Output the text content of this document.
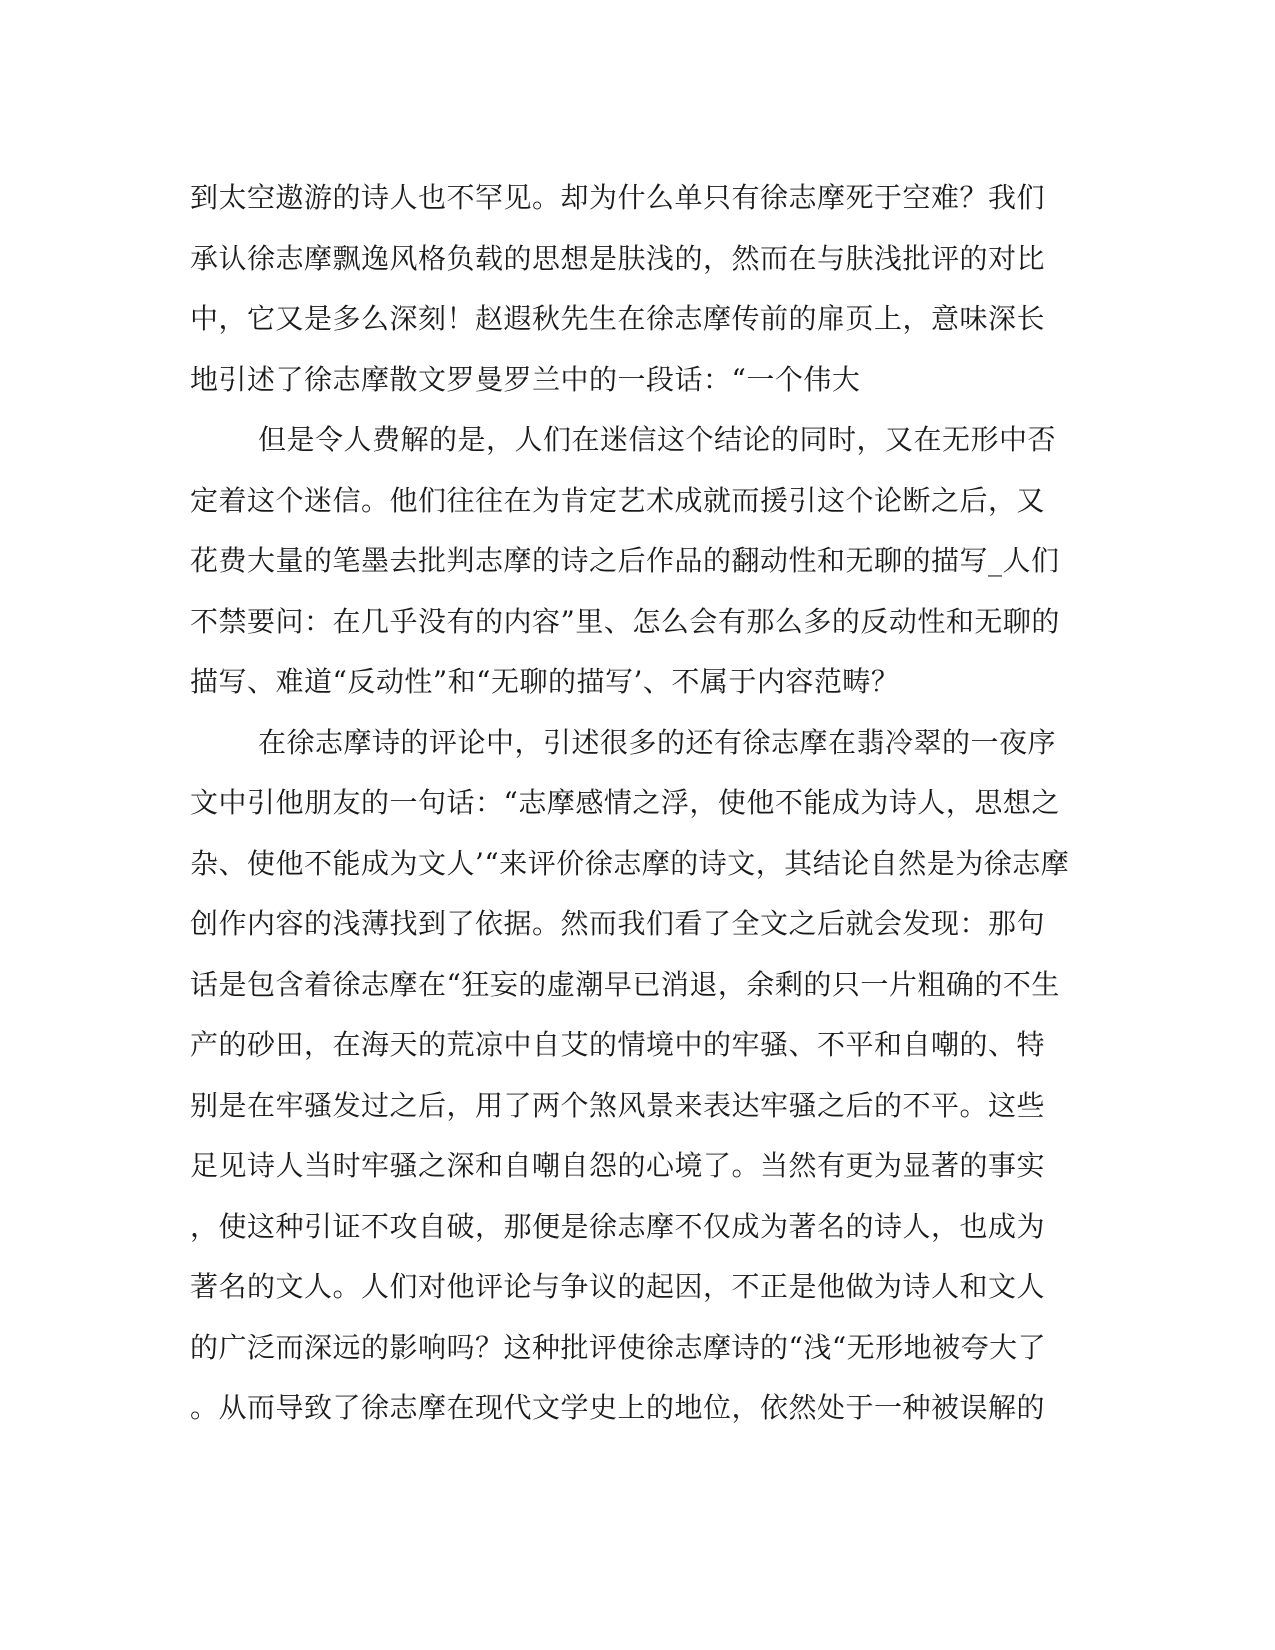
到太空遨游的诗人也不罕见。却为什么单只有徐志摩死于空难？我们
承认徐志摩飘逸风格负载的思想是肤浅的，然而在与肤浅批评的对比
中，它又是多么深刻！赵遐秋先生在徐志摩传前的扉页上，意味深长
地引述了徐志摩散文罗曼罗兰中的一段话：“一个伟大
但是令人费解的是，人们在迷信这个结论的同时，又在无形中否
定着这个迷信。他们往往在为肯定艺术成就而援引这个论断之后，又
花费大量的笔墨去批判志摩的诗之后作品的翻动性和无聊的描写_人们
不禁要问：在几乎没有的内容”里、怎么会有那么多的反动性和无聊的
描写、难道“反动性”和“无聊的描写’、不属于内容范畴？
在徐志摩诗的评论中，引述很多的还有徐志摩在翡冷翠的一夜序
文中引他朋友的一句话：“志摩感情之浮，使他不能成为诗人，思想之
杂、使他不能成为文人’“来评价徐志摩的诗文，其结论自然是为徐志摩
创作内容的浅薄找到了依据。然而我们看了全文之后就会发现：那句
话是包含着徐志摩在“狂妄的虚潮早已消退，余剩的只一片粗确的不生
产的砂田，在海天的荒凉中自艾的情境中的牢骚、不平和自嘲的、特
别是在牢骚发过之后，用了两个煞风景来表达牢骚之后的不平。这些
足见诗人当时牢骚之深和自嘲自怨的心境了。当然有更为显著的事实
，使这种引证不攻自破，那便是徐志摩不仅成为著名的诗人，也成为
著名的文人。人们对他评论与争议的起因，不正是他做为诗人和文人
的广泛而深远的影响吗？这种批评使徐志摩诗的“浅“无形地被夸大了
。从而导致了徐志摩在现代文学史上的地位，依然处于一种被误解的
